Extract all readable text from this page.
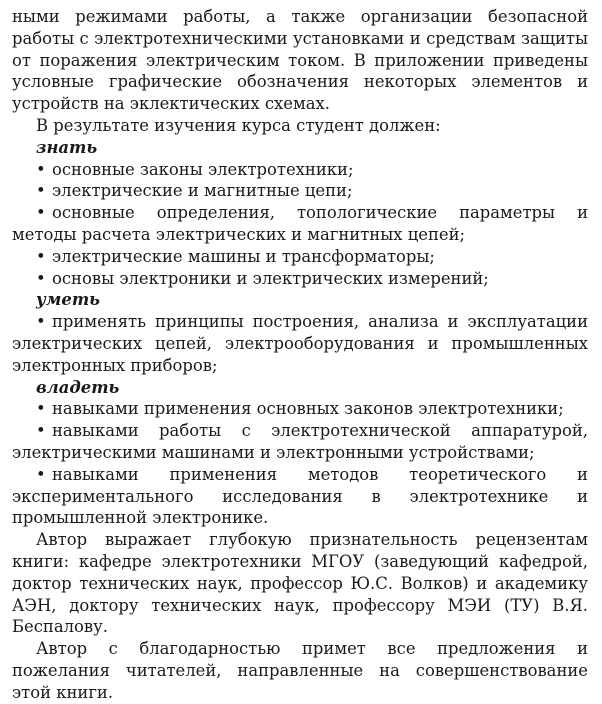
ными режимами работы, а также организации безопасной работы с электротехническими установками и средствам защиты от поражения электрическим током. В приложении приведены условные графические обозначения некоторых элементов и устройств на эклектических схемах.

В результате изучения курса студент должен:

знать

• основные законы электротехники;

• электрические и магнитные цепи;

• основные определения, топологические параметры и методы расчета электрических и магнитных цепей;

• электрические машины и трансформаторы;

• основы электроники и электрических измерений;

уметь

• применять принципы построения, анализа и эксплуатации электрических цепей, электрооборудования и промышленных электронных приборов;

владеть

• навыками применения основных законов электротехники;

• навыками работы с электротехнической аппаратурой, электрическими машинами и электронными устройствами;

• навыками применения методов теоретического и экспериментального исследования в электротехнике и промышленной электронике.

Автор выражает глубокую признательность рецензентам книги: кафедре электротехники МГОУ (заведующий кафедрой, доктор технических наук, профессор Ю.С. Волков) и академику АЭН, доктору технических наук, профессору МЭИ (ТУ) В.Я. Беспалову.

Автор с благодарностью примет все предложения и пожелания читателей, направленные на совершенствование этой книги.
